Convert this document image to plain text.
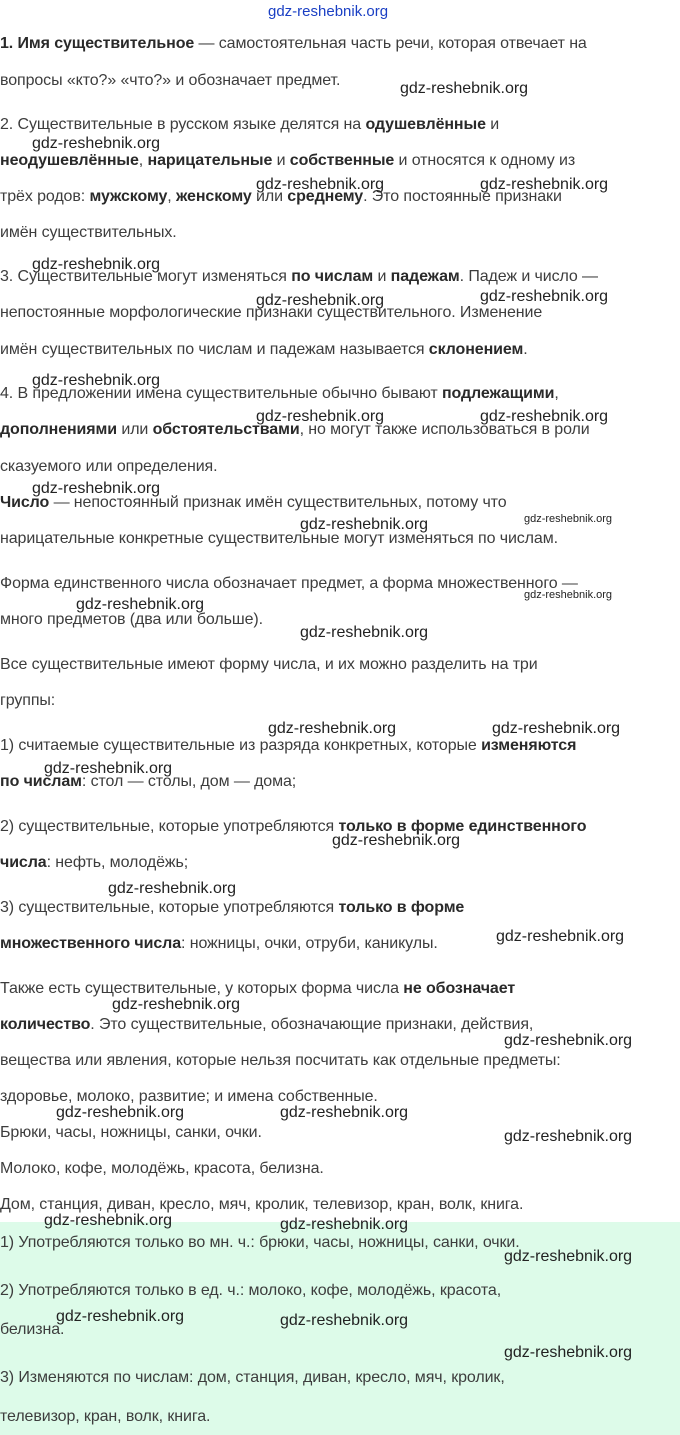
1. Имя существительное — самостоятельная часть речи, которая отвечает на
вопросы «кто?» «что?» и обозначает предмет.
2. Существительные в русском языке делятся на одушевлённые и
неодушевлённые, нарицательные и собственные и относятся к одному из
трёх родов: мужскому, женскому или среднему. Это постоянные признаки
имён существительных.
3. Существительные могут изменяться по числам и падежам. Падеж и число —
непостоянные морфологические признаки существительного. Изменение
имён существительных по числам и падежам называется склонением.
4. В предложении имена существительные обычно бывают подлежащими,
дополнениями или обстоятельствами, но могут также использоваться в роли
сказуемого или определения.
Число — непостоянный признак имён существительных, потому что
нарицательные конкретные существительные могут изменяться по числам.
Форма единственного числа обозначает предмет, а форма множественного —
много предметов (два или больше).
Все существительные имеют форму числа, и их можно разделить на три
группы:
1) считаемые существительные из разряда конкретных, которые изменяются
по числам: стол — столы, дом — дома;
2) существительные, которые употребляются только в форме единственного
числа: нефть, молодёжь;
3) существительные, которые употребляются только в форме
множественного числа: ножницы, очки, отруби, каникулы.
Также есть существительные, у которых форма числа не обозначает
количество. Это существительные, обозначающие признаки, действия,
вещества или явления, которые нельзя посчитать как отдельные предметы:
здоровье, молоко, развитие; и имена собственные.
Брюки, часы, ножницы, санки, очки.
Молоко, кофе, молодёжь, красота, белизна.
Дом, станция, диван, кресло, мяч, кролик, телевизор, кран, волк, книга.
1) Употребляются только во мн. ч.: брюки, часы, ножницы, санки, очки.
2) Употребляются только в ед. ч.: молоко, кофе, молодёжь, красота,
белизна.
3) Изменяются по числам: дом, станция, диван, кресло, мяч, кролик,
телевизор, кран, волк, книга.
gdz-reshebnik.org
gdz-reshebnik.org
gdz-reshebnik.org
gdz-reshebnik.org	gdz-reshebnik.org
gdz-reshebnik.org
gdz-reshebnik.org	gdz-reshebnik.org
gdz-reshebnik.org
gdz-reshebnik.org	gdz-reshebnik.org
gdz-reshebnik.org
gdz-reshebnik.org	gdz-reshebnik.org
gdz-reshebnik.org
gdz-reshebnik.org
gdz-reshebnik.org
gdz-reshebnik.org	gdz-reshebnik.org
gdz-reshebnik.org
gdz-reshebnik.org
gdz-reshebnik.org
gdz-reshebnik.org
gdz-reshebnik.org
gdz-reshebnik.org
gdz-reshebnik.org	gdz-reshebnik.org
gdz-reshebnik.org
gdz-reshebnik.org	gdz-reshebnik.org
gdz-reshebnik.org
gdz-reshebnik.org	gdz-reshebnik.org
gdz-reshebnik.org
